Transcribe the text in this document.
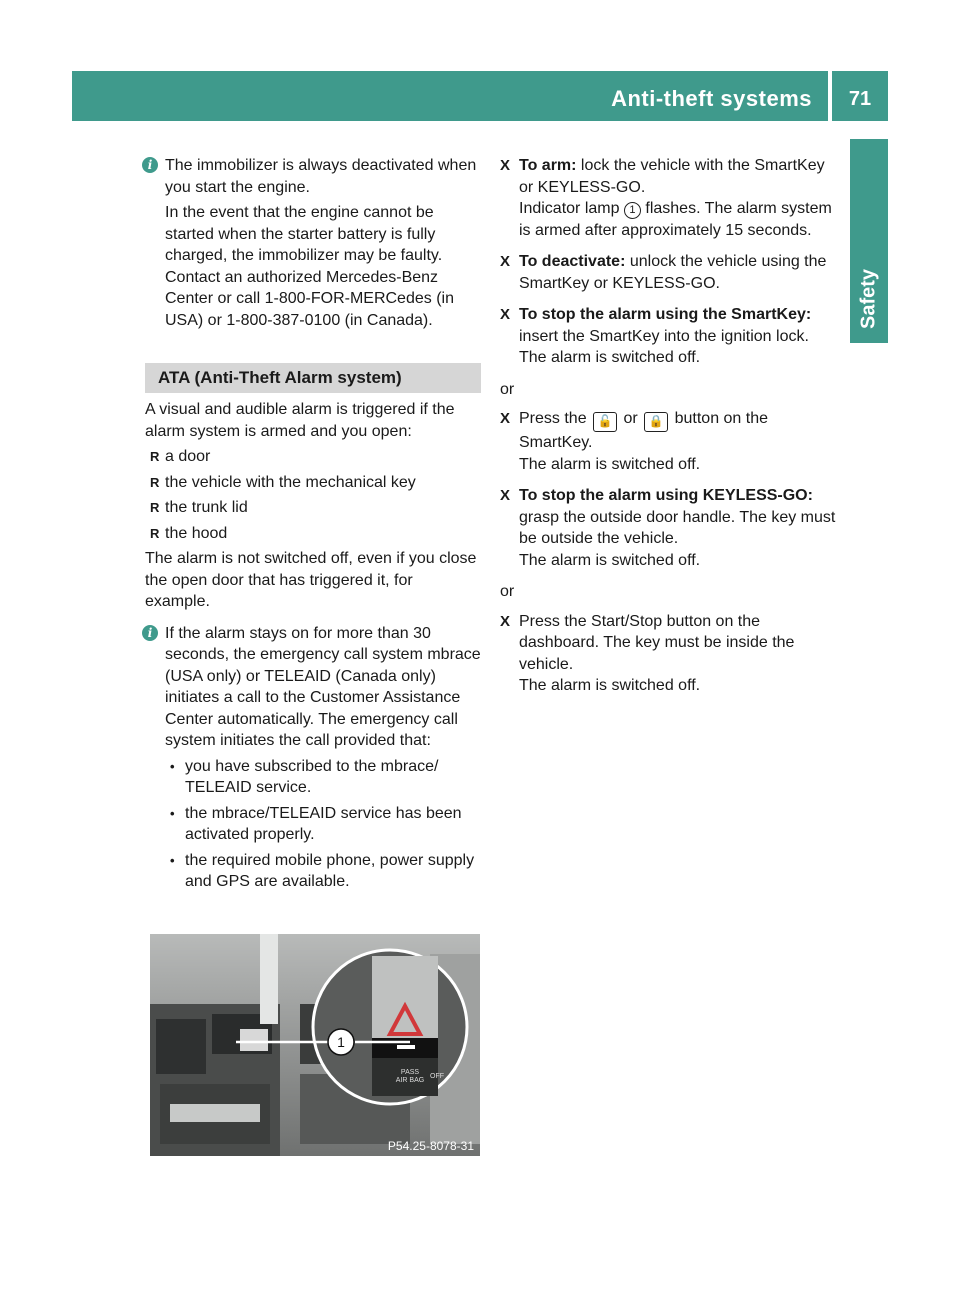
Anti-theft systems	71
Safety
i The immobilizer is always deactivated when you start the engine.

In the event that the engine cannot be started when the starter battery is fully charged, the immobilizer may be faulty. Contact an authorized Mercedes-Benz Center or call 1-800-FOR-MERCedes (in USA) or 1-800-387-0100 (in Canada).

ATA (Anti-Theft Alarm system)

A visual and audible alarm is triggered if the alarm system is armed and you open:

R a door
R the vehicle with the mechanical key
R the trunk lid
R the hood

The alarm is not switched off, even if you close the open door that has triggered it, for example.

i If the alarm stays on for more than 30 seconds, the emergency call system mbrace (USA only) or TELEAID (Canada only) initiates a call to the Customer Assistance Center automatically. The emergency call system initiates the call provided that:

• you have subscribed to the mbrace/ TELEAID service.
• the mbrace/TELEAID service has been activated properly.
• the required mobile phone, power supply and GPS are available.
1
PASS
AIR BAG
OFF
P54.25-8078-31
X To arm: lock the vehicle with the SmartKey or KEYLESS-GO.

Indicator lamp 1 flashes. The alarm system is armed after approximately 15 seconds.

X To deactivate: unlock the vehicle using the SmartKey or KEYLESS-GO.

X To stop the alarm using the SmartKey:

insert the SmartKey into the ignition lock.

The alarm is switched off.

or

X Press the 🔓 or 🔒 button on the SmartKey.

The alarm is switched off.

X To stop the alarm using KEYLESS-GO:

grasp the outside door handle. The key must be outside the vehicle.

The alarm is switched off.

or

X Press the Start/Stop button on the dashboard. The key must be inside the vehicle.

The alarm is switched off.
